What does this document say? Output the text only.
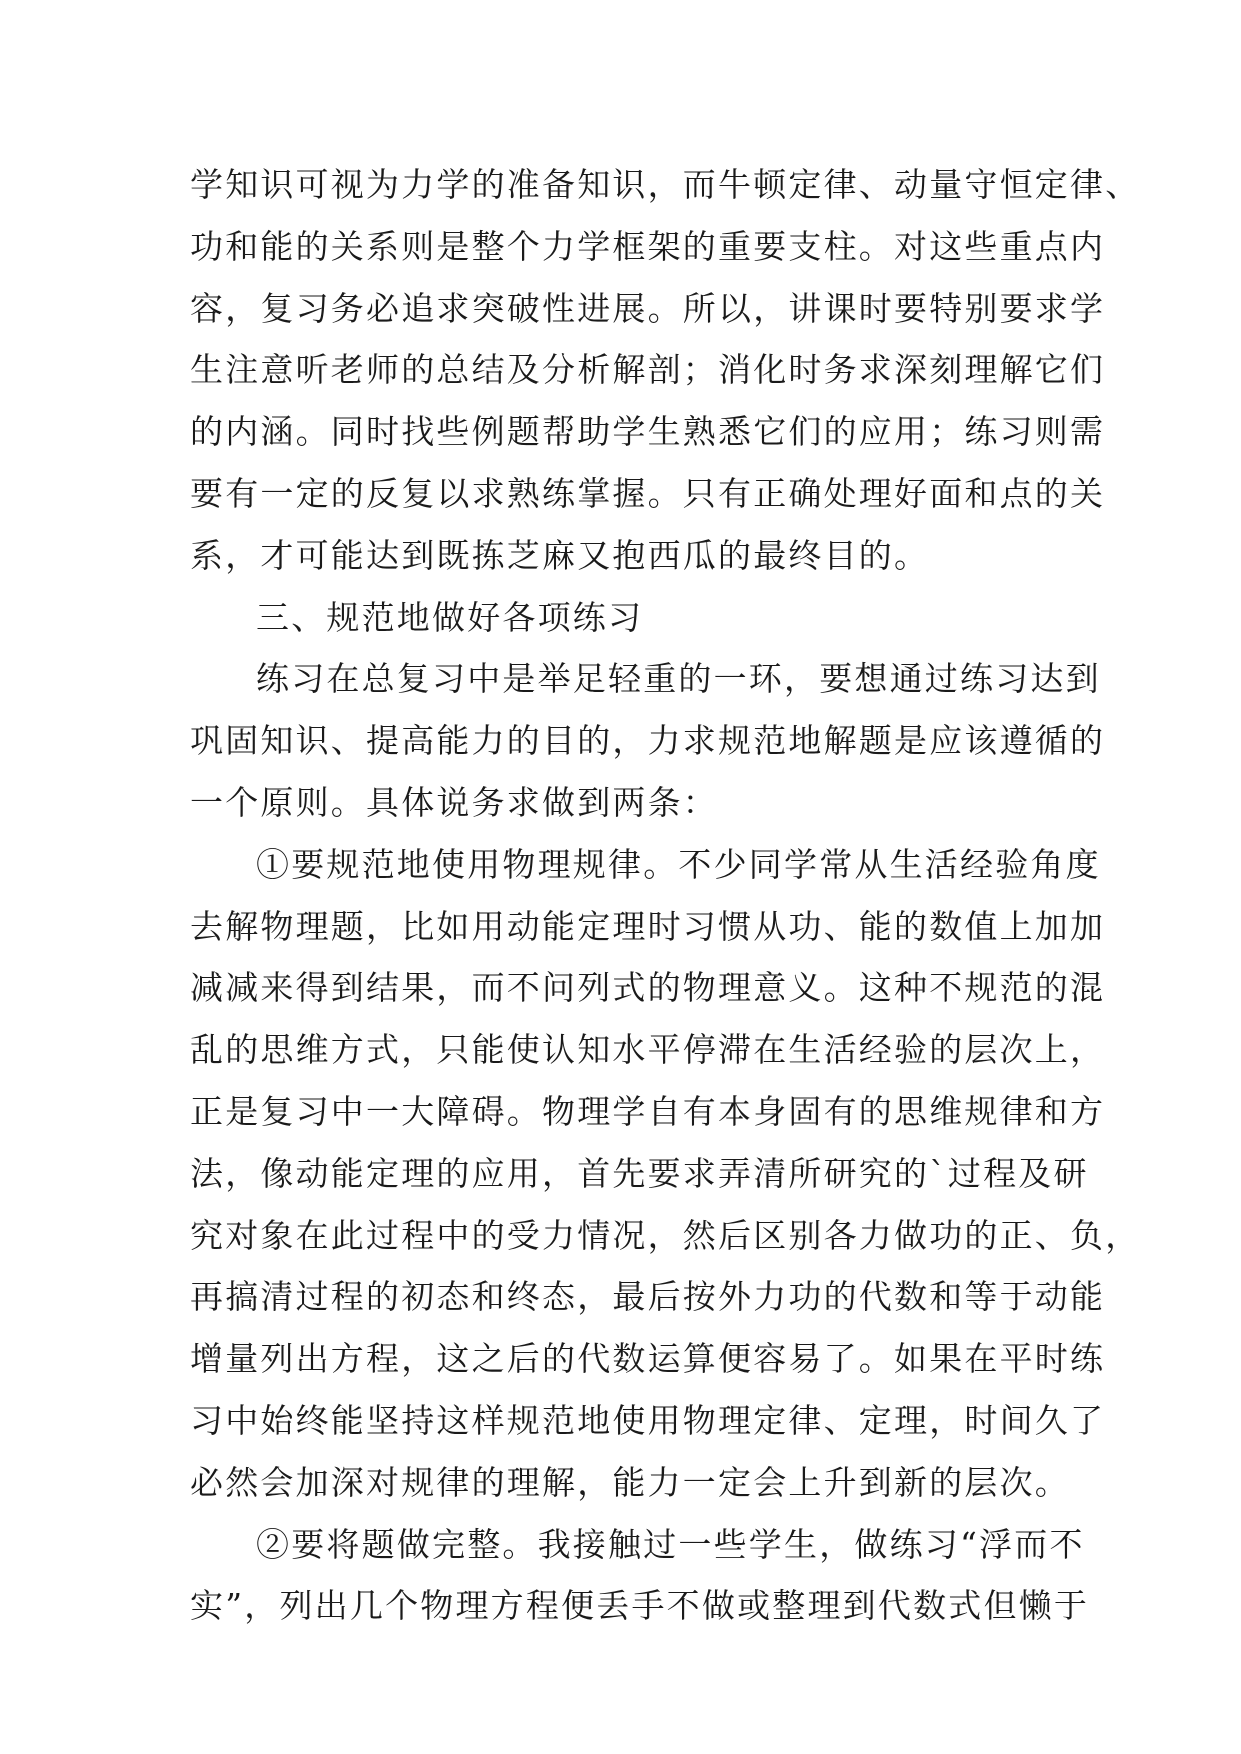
学知识可视为力学的准备知识，而牛顿定律、动量守恒定律、
功和能的关系则是整个力学框架的重要支柱。对这些重点内
容，复习务必追求突破性进展。所以，讲课时要特别要求学
生注意听老师的总结及分析解剖；消化时务求深刻理解它们
的内涵。同时找些例题帮助学生熟悉它们的应用；练习则需
要有一定的反复以求熟练掌握。只有正确处理好面和点的关
系，才可能达到既拣芝麻又抱西瓜的最终目的。
三、规范地做好各项练习
练习在总复习中是举足轻重的一环，要想通过练习达到
巩固知识、提高能力的目的，力求规范地解题是应该遵循的
一个原则。具体说务求做到两条：
①要规范地使用物理规律。不少同学常从生活经验角度
去解物理题，比如用动能定理时习惯从功、能的数值上加加
减减来得到结果，而不问列式的物理意义。这种不规范的混
乱的思维方式，只能使认知水平停滞在生活经验的层次上，
正是复习中一大障碍。物理学自有本身固有的思维规律和方
法，像动能定理的应用，首先要求弄清所研究的`过程及研
究对象在此过程中的受力情况，然后区别各力做功的正、负，
再搞清过程的初态和终态，最后按外力功的代数和等于动能
增量列出方程，这之后的代数运算便容易了。如果在平时练
习中始终能坚持这样规范地使用物理定律、定理，时间久了
必然会加深对规律的理解，能力一定会上升到新的层次。
②要将题做完整。我接触过一些学生，做练习“浮而不
实”，列出几个物理方程便丢手不做或整理到代数式但懒于
